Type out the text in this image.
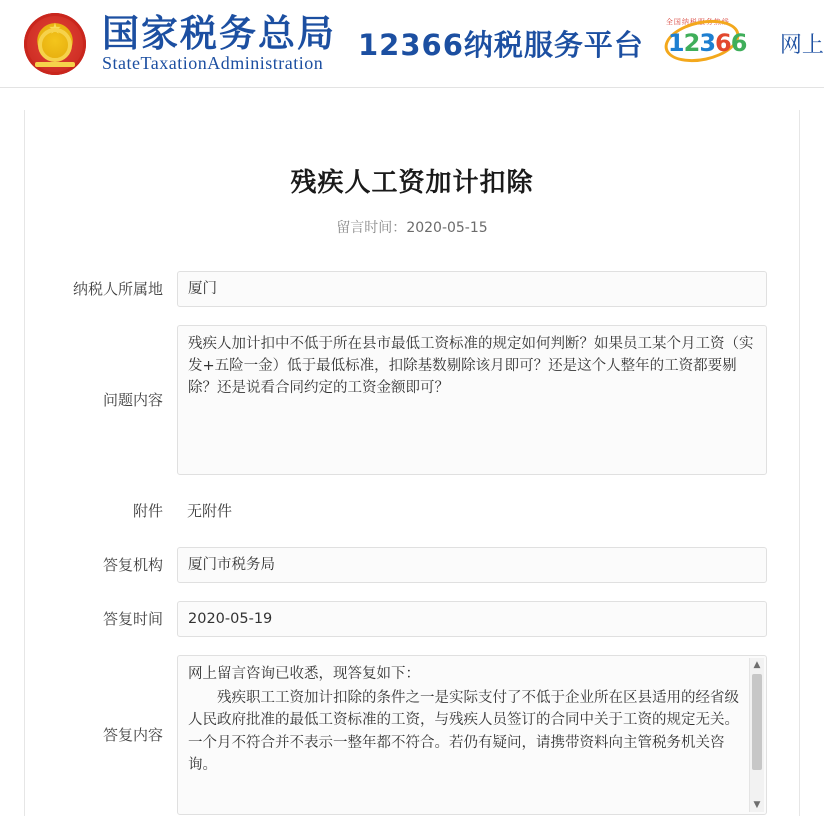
★ 国家税务总局
StateTaxationAdministration
12366纳税服务平台
全国纳税服务热线
12366 网上
残疾人工资加计扣除
留言时间：2020-05-15
纳税人所属地	厦门
问题内容
残疾人加计扣中不低于所在县市最低工资标准的规定如何判断？如果员工某个月工资（实发+五险一金）低于最低标准，扣除基数剔除该月即可？还是这个人整年的工资都要剔除？还是说看合同约定的工资金额即可？
附件	无附件
答复机构	厦门市税务局
答复时间	2020-05-19
答复内容

网上留言咨询已收悉，现答复如下：

残疾职工工资加计扣除的条件之一是实际支付了不低于企业所在区县适用的经省级人民政府批准的最低工资标准的工资，与残疾人员签订的合同中关于工资的规定无关。

一个月不符合并不表示一整年都不符合。若仍有疑问，请携带资料向主管税务机关咨询。

▲
▼
